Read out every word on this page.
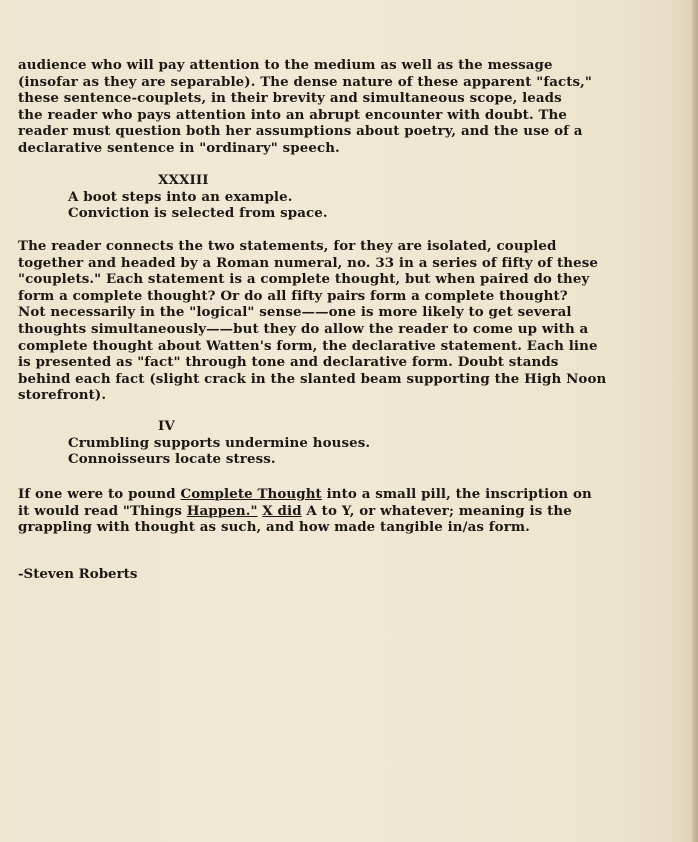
audience who will pay attention to the medium as well as the message
(insofar as they are separable). The dense nature of these apparent "facts,"
these sentence-couplets, in their brevity and simultaneous scope, leads
the reader who pays attention into an abrupt encounter with doubt. The
reader must question both her assumptions about poetry, and the use of a
declarative sentence in "ordinary" speech.
XXXIII
A boot steps into an example.
Conviction is selected from space.
The reader connects the two statements, for they are isolated, coupled
together and headed by a Roman numeral, no. 33 in a series of fifty of these
"couplets." Each statement is a complete thought, but when paired do they
form a complete thought? Or do all fifty pairs form a complete thought?
Not necessarily in the "logical" sense——one is more likely to get several
thoughts simultaneously——but they do allow the reader to come up with a
complete thought about Watten's form, the declarative statement. Each line
is presented as "fact" through tone and declarative form. Doubt stands
behind each fact (slight crack in the slanted beam supporting the High Noon
storefront).
IV
Crumbling supports undermine houses.
Connoisseurs locate stress.
If one were to pound Complete Thought into a small pill, the inscription on
it would read "Things Happen." X did A to Y, or whatever; meaning is the
grappling with thought as such, and how made tangible in/as form.
-Steven Roberts
